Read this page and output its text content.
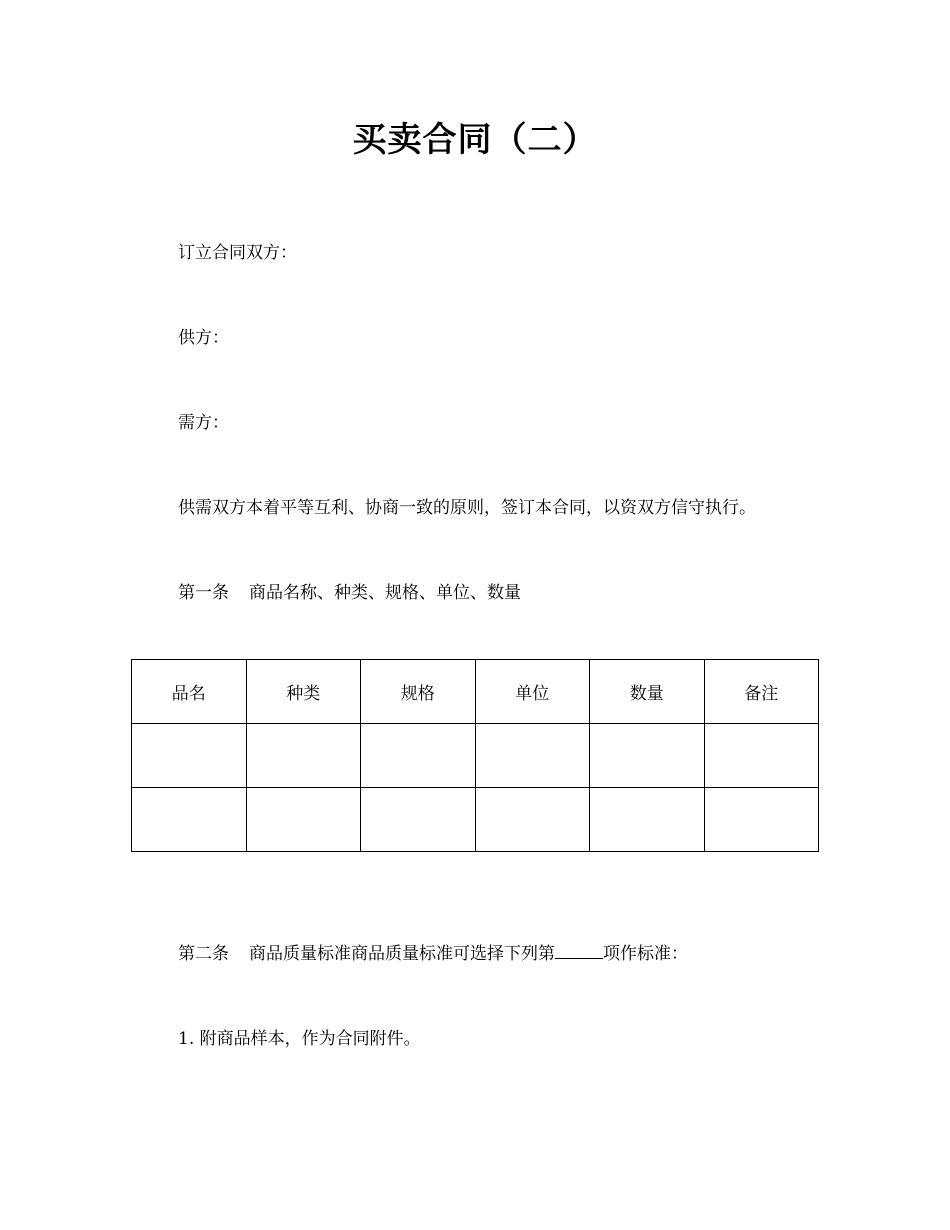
买卖合同（二）

订立合同双方：

供方：

需方：

供需双方本着平等互利、协商一致的原则，签订本合同，以资双方信守执行。

第一条 商品名称、种类、规格、单位、数量

品名	种类	规格	单位	数量	备注

第二条 商品质量标准商品质量标准可选择下列第	项作标准：

1. 附商品样本，作为合同附件。
